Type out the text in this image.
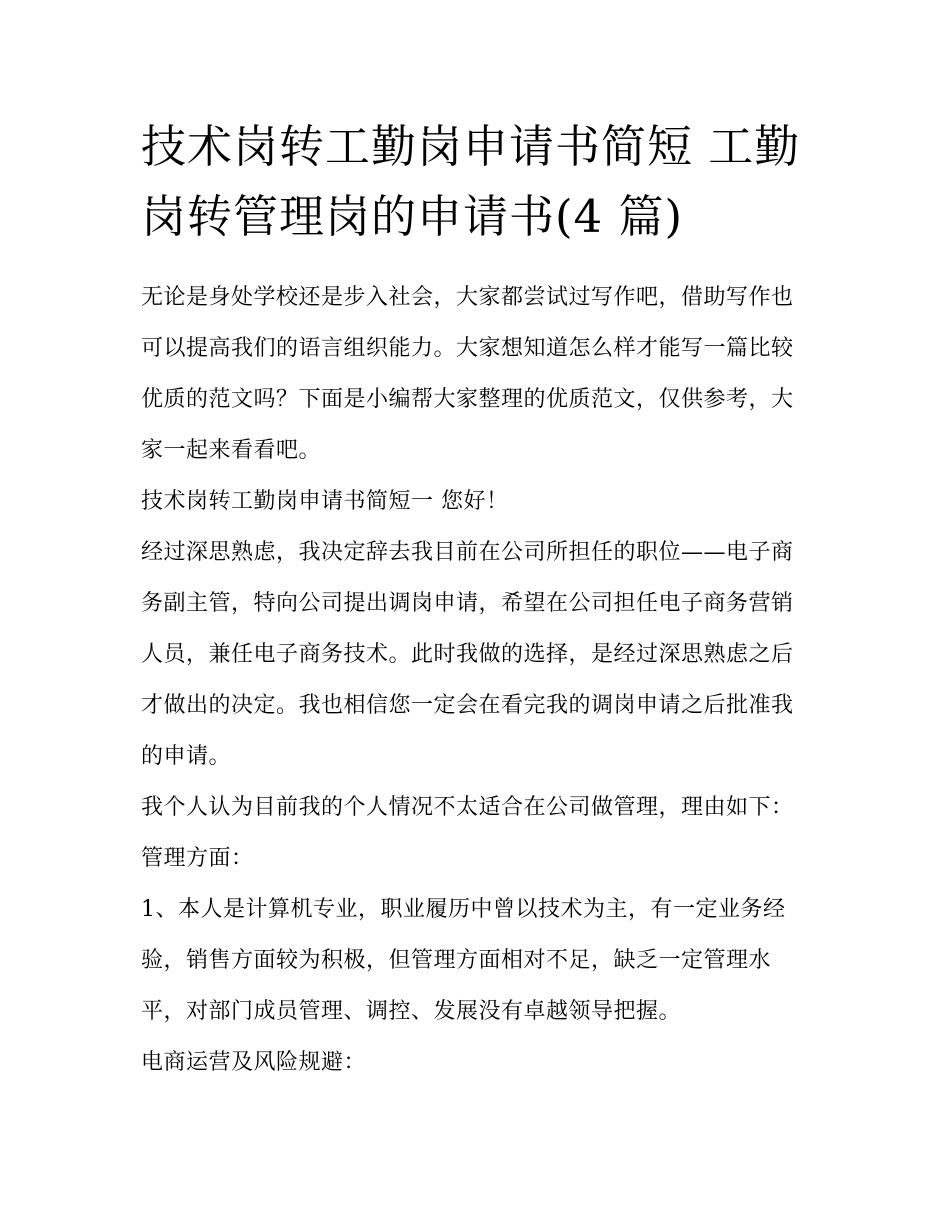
技术岗转工勤岗申请书简短 工勤岗转管理岗的申请书(4 篇)

无论是身处学校还是步入社会，大家都尝试过写作吧，借助写作也可以提高我们的语言组织能力。大家想知道怎么样才能写一篇比较优质的范文吗？下面是小编帮大家整理的优质范文，仅供参考，大家一起来看看吧。

技术岗转工勤岗申请书简短一 您好！

经过深思熟虑，我决定辞去我目前在公司所担任的职位——电子商务副主管，特向公司提出调岗申请，希望在公司担任电子商务营销人员，兼任电子商务技术。此时我做的选择，是经过深思熟虑之后才做出的决定。我也相信您一定会在看完我的调岗申请之后批准我的申请。

我个人认为目前我的个人情况不太适合在公司做管理，理由如下： 管理方面：

1、本人是计算机专业，职业履历中曾以技术为主，有一定业务经验，销售方面较为积极，但管理方面相对不足，缺乏一定管理水平，对部门成员管理、调控、发展没有卓越领导把握。

电商运营及风险规避：
